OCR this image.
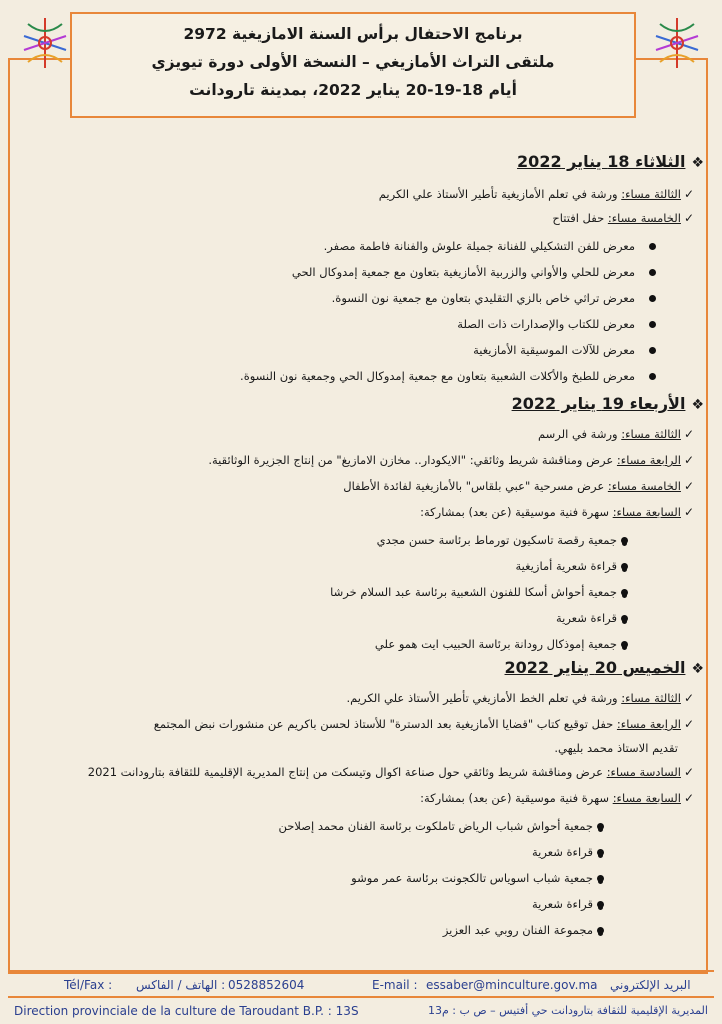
برنامج الاحتفال برأس السنة الامازيغية 2972
ملتقى التراث الأمازيغي – النسخة الأولى دورة تيويزي
أيام 18-19-20 يناير 2022، بمدينة تارودانت
❖الثلاثاء 18 يناير 2022
✓الثالثة مساء: ورشة في تعلم الأمازيغية تأطير الأستاذ علي الكريم
✓الخامسة مساء: حفل افتتاح
معرض للفن التشكيلي للفنانة جميلة علوش والفنانة فاطمة مصفر.
معرض للحلي والأواني والزربية الأمازيغية بتعاون مع جمعية إمدوكال الحي
معرض تراثي خاص بالزي التقليدي بتعاون مع جمعية نون النسوة.
معرض للكتاب والإصدارات ذات الصلة
معرض للآلات الموسيقية الأمازيغية
معرض للطبخ والأكلات الشعبية بتعاون مع جمعية إمدوكال الحي وجمعية نون النسوة.
❖الأربعاء 19 يناير 2022
✓الثالثة مساء: ورشة في الرسم
✓الرابعة مساء: عرض ومناقشة شريط وثائقي: "الايكودار.. مخازن الامازيغ" من إنتاج الجزيرة الوثائقية.
✓الخامسة مساء: عرض مسرحية "عبي بلقاس" بالأمازيغية لفائدة الأطفال
✓السابعة مساء: سهرة فنية موسيقية (عن بعد) بمشاركة:
جمعية رقصة تاسكيون تورماط برئاسة حسن مجدي
قراءة شعرية أمازيغية
جمعية أحواش أسكا للفنون الشعبية برئاسة عبد السلام خرشا
قراءة شعرية
جمعية إموذكال رودانة برئاسة الحبيب ايت همو علي
❖الخميس 20 يناير 2022
✓الثالثة مساء: ورشة في تعلم الخط الأمازيغي تأطير الأستاذ علي الكريم.
✓الرابعة مساء: حفل توقيع كتاب "قضايا الأمازيغية بعد الدسترة" للأستاذ لحسن باكريم عن منشورات نبض المجتمع
تقديم الاستاذ محمد بليهي.
✓السادسة مساء: عرض ومناقشة شريط وثائقي حول صناعة اكوال وتيسكت من إنتاج المديرية الإقليمية للثقافة بتارودانت 2021
✓السابعة مساء: سهرة فنية موسيقية (عن بعد) بمشاركة:
جمعية أحواش شباب الرياض تاملكوت برئاسة الفنان محمد إصلاحن
قراءة شعرية
جمعية شباب اسوياس تالكجونت برئاسة عمر موشو
قراءة شعرية
مجموعة الفنان روبي عبد العزيز
Tél/Fax : الهاتف / الفاكس : 0528852604	E-mail : essaber@minculture.gov.ma البريد الإلكتروني
Direction provinciale de la culture de Taroudant B.P. : 13S	المديرية الإقليمية للثقافة بتارودانت حي أفتيس – ص ب : م13
